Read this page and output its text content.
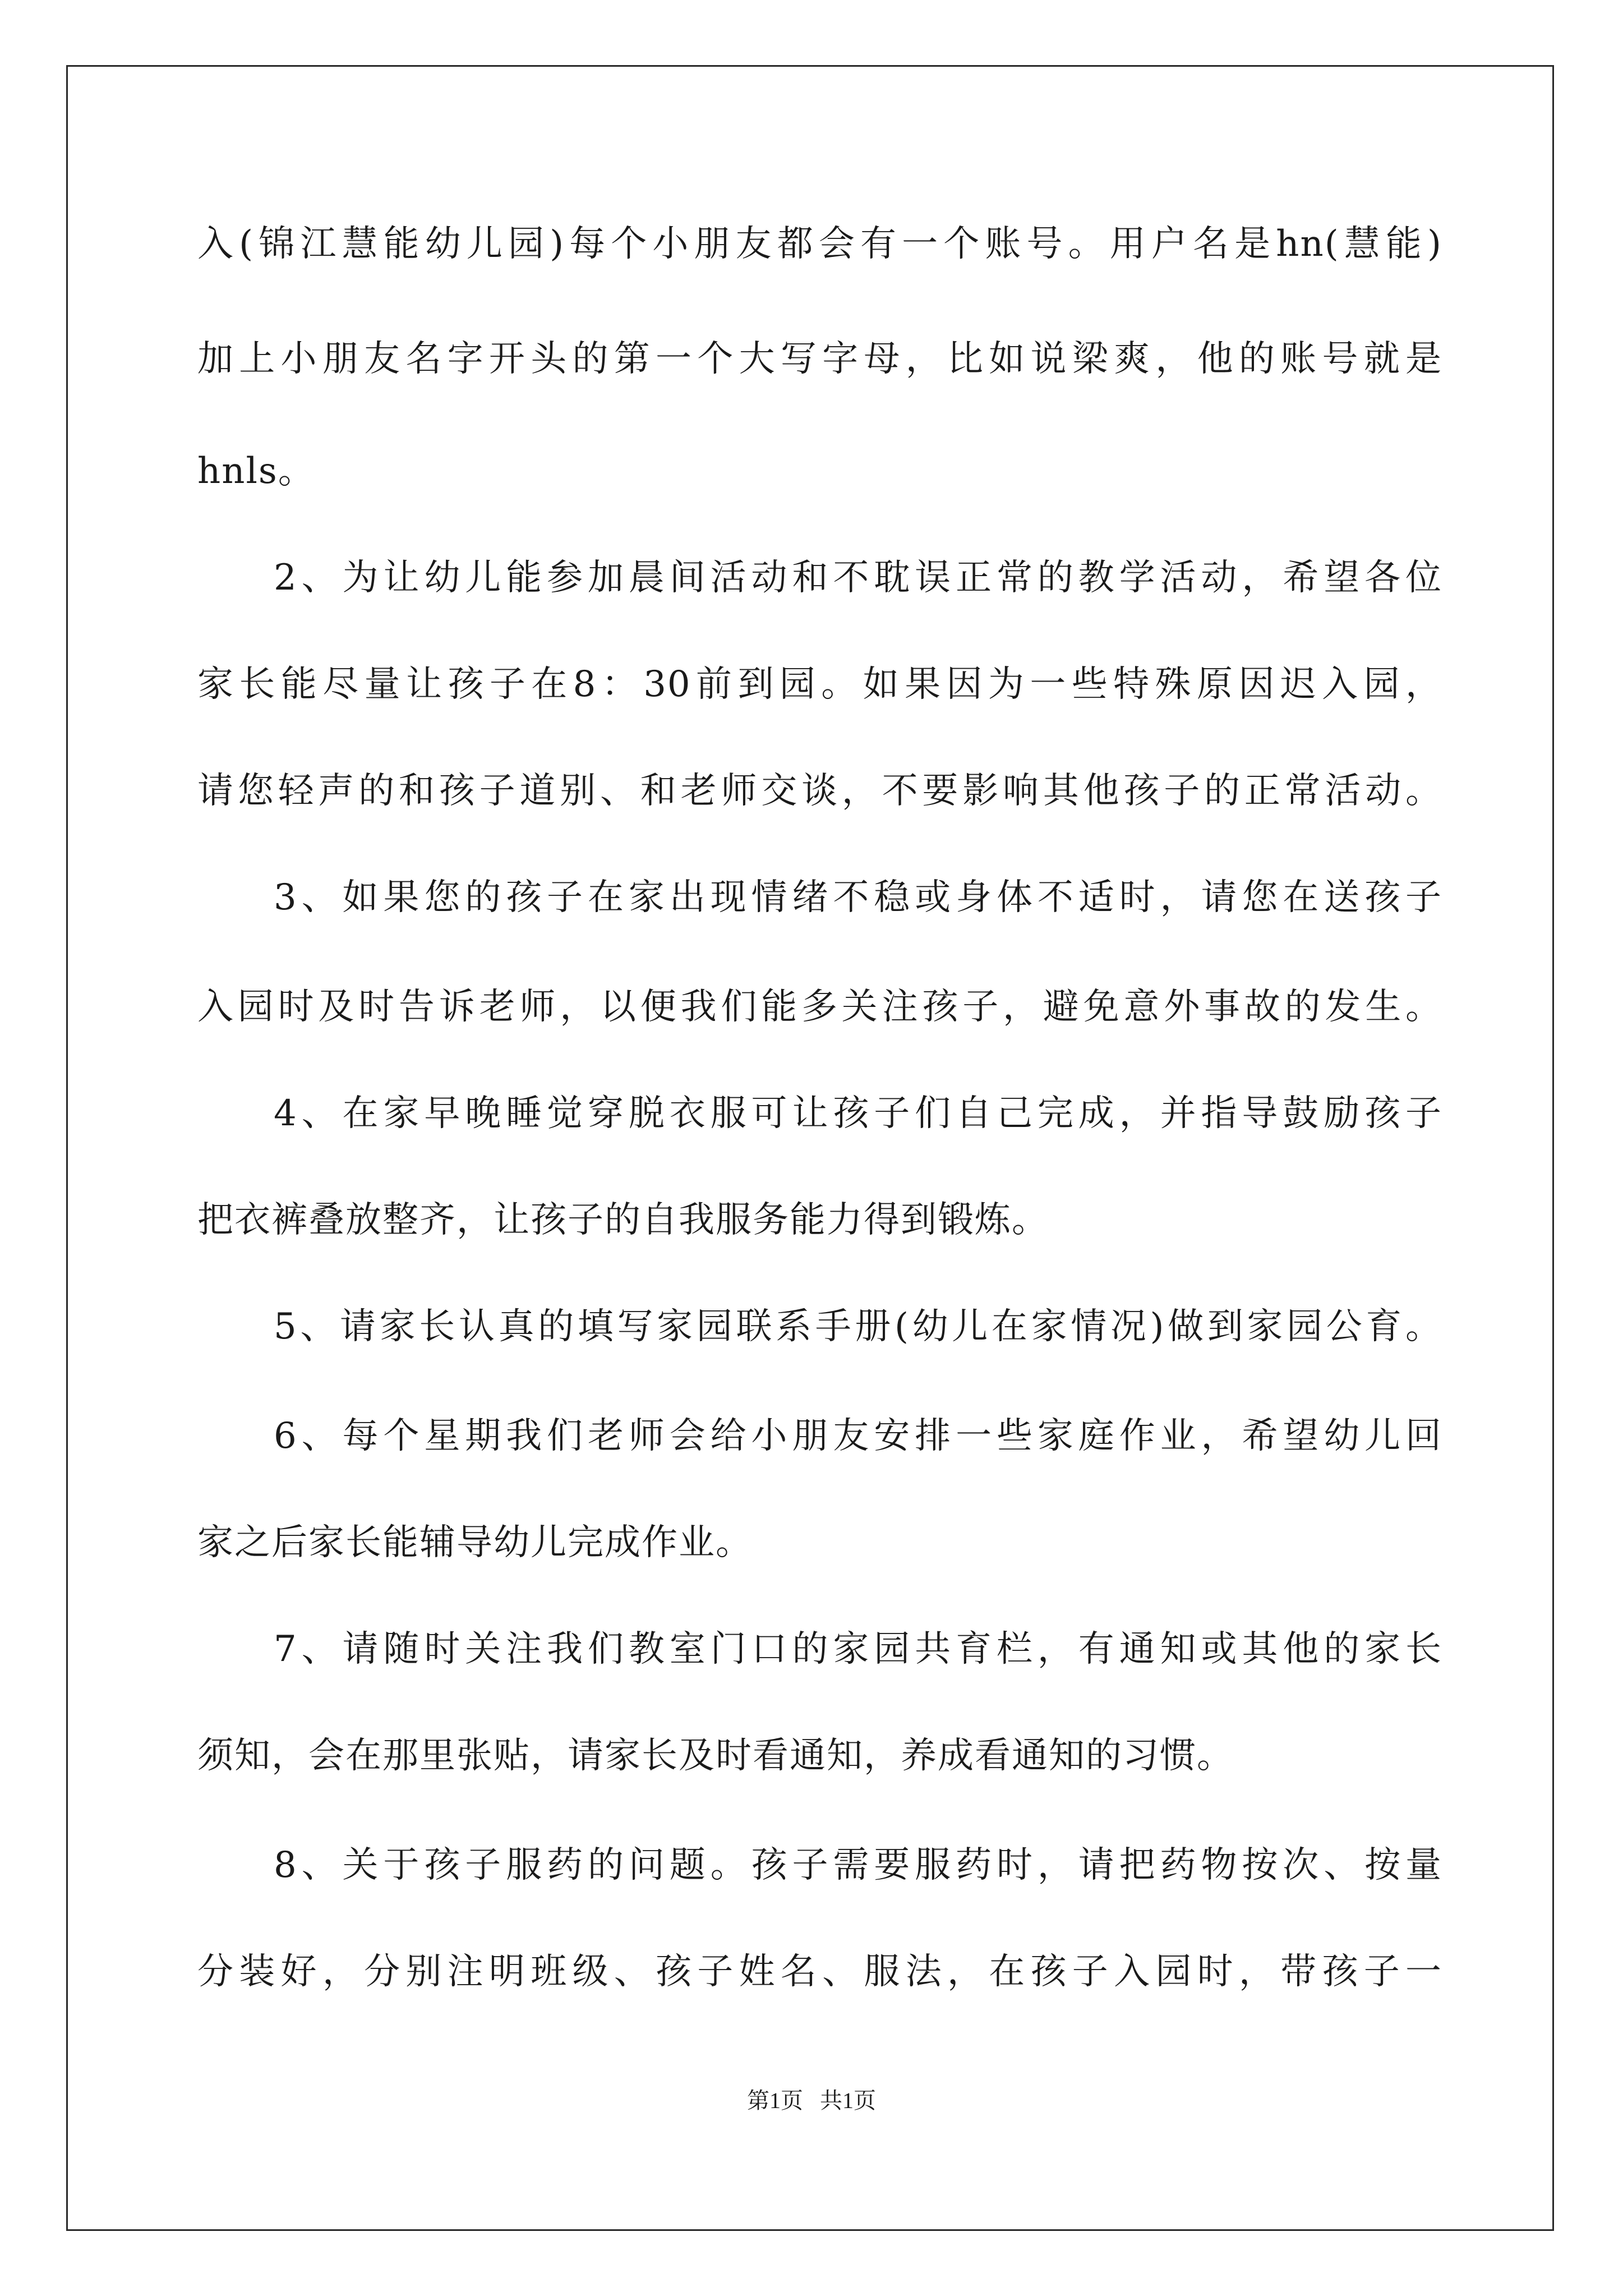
入(锦江慧能幼儿园)每个小朋友都会有一个账号。用户名是hn(慧能)
加上小朋友名字开头的第一个大写字母，比如说梁爽，他的账号就是
hnls。
2、为让幼儿能参加晨间活动和不耽误正常的教学活动，希望各位
家长能尽量让孩子在8：30前到园。如果因为一些特殊原因迟入园，
请您轻声的和孩子道别、和老师交谈，不要影响其他孩子的正常活动。
3、如果您的孩子在家出现情绪不稳或身体不适时，请您在送孩子
入园时及时告诉老师，以便我们能多关注孩子，避免意外事故的发生。
4、在家早晚睡觉穿脱衣服可让孩子们自己完成，并指导鼓励孩子
把衣裤叠放整齐，让孩子的自我服务能力得到锻炼。
5、请家长认真的填写家园联系手册(幼儿在家情况)做到家园公育。
6、每个星期我们老师会给小朋友安排一些家庭作业，希望幼儿回
家之后家长能辅导幼儿完成作业。
7、请随时关注我们教室门口的家园共育栏，有通知或其他的家长
须知，会在那里张贴，请家长及时看通知，养成看通知的习惯。
8、关于孩子服药的问题。孩子需要服药时，请把药物按次、按量
分装好，分别注明班级、孩子姓名、服法，在孩子入园时，带孩子一
第1页   共1页
